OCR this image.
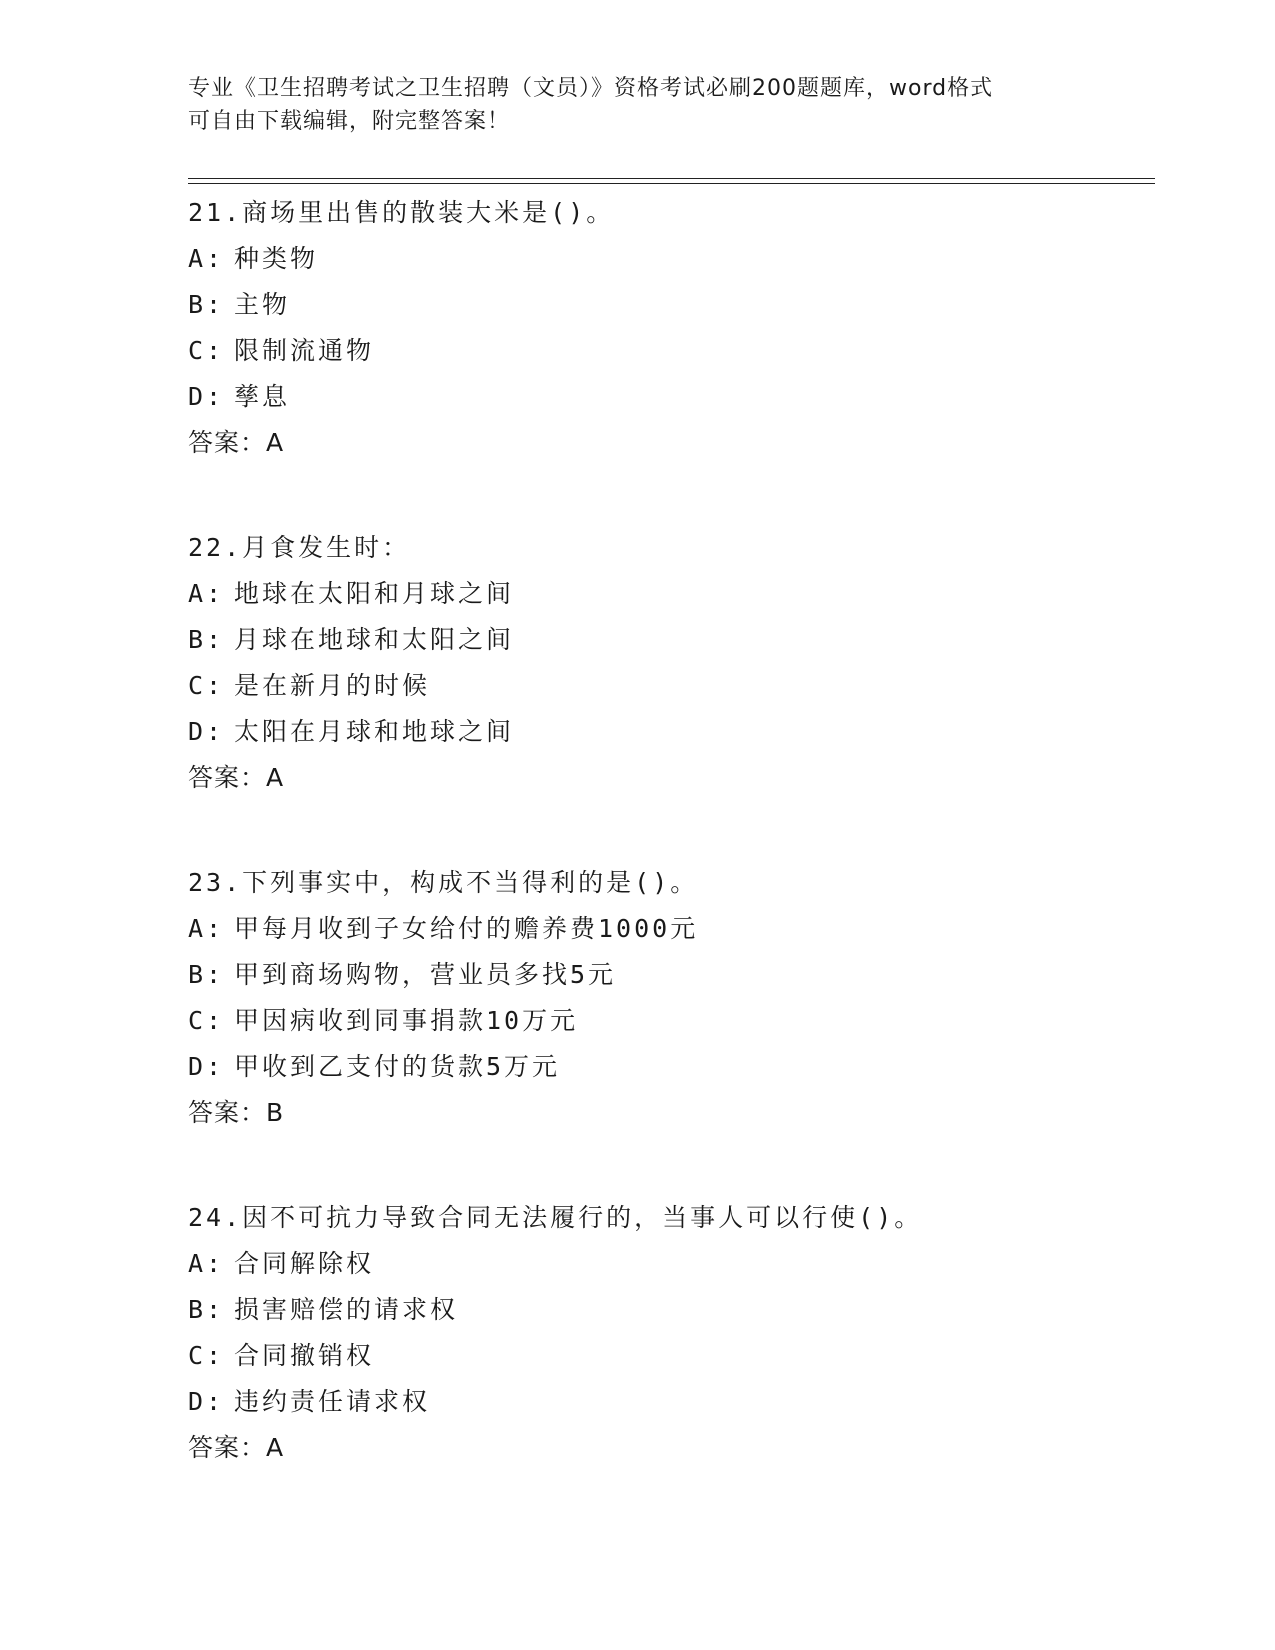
专业《卫生招聘考试之卫生招聘（文员）》资格考试必刷200题题库，word格式
可自由下载编辑，附完整答案！
21.商场里出售的散装大米是()。
A: 种类物
B: 主物
C: 限制流通物
D: 孳息
答案：A
22.月食发生时：
A: 地球在太阳和月球之间
B: 月球在地球和太阳之间
C: 是在新月的时候
D: 太阳在月球和地球之间
答案：A
23.下列事实中，构成不当得利的是()。
A: 甲每月收到子女给付的赡养费1000元
B: 甲到商场购物，营业员多找5元
C: 甲因病收到同事捐款10万元
D: 甲收到乙支付的货款5万元
答案：B
24.因不可抗力导致合同无法履行的，当事人可以行使()。
A: 合同解除权
B: 损害赔偿的请求权
C: 合同撤销权
D: 违约责任请求权
答案：A
